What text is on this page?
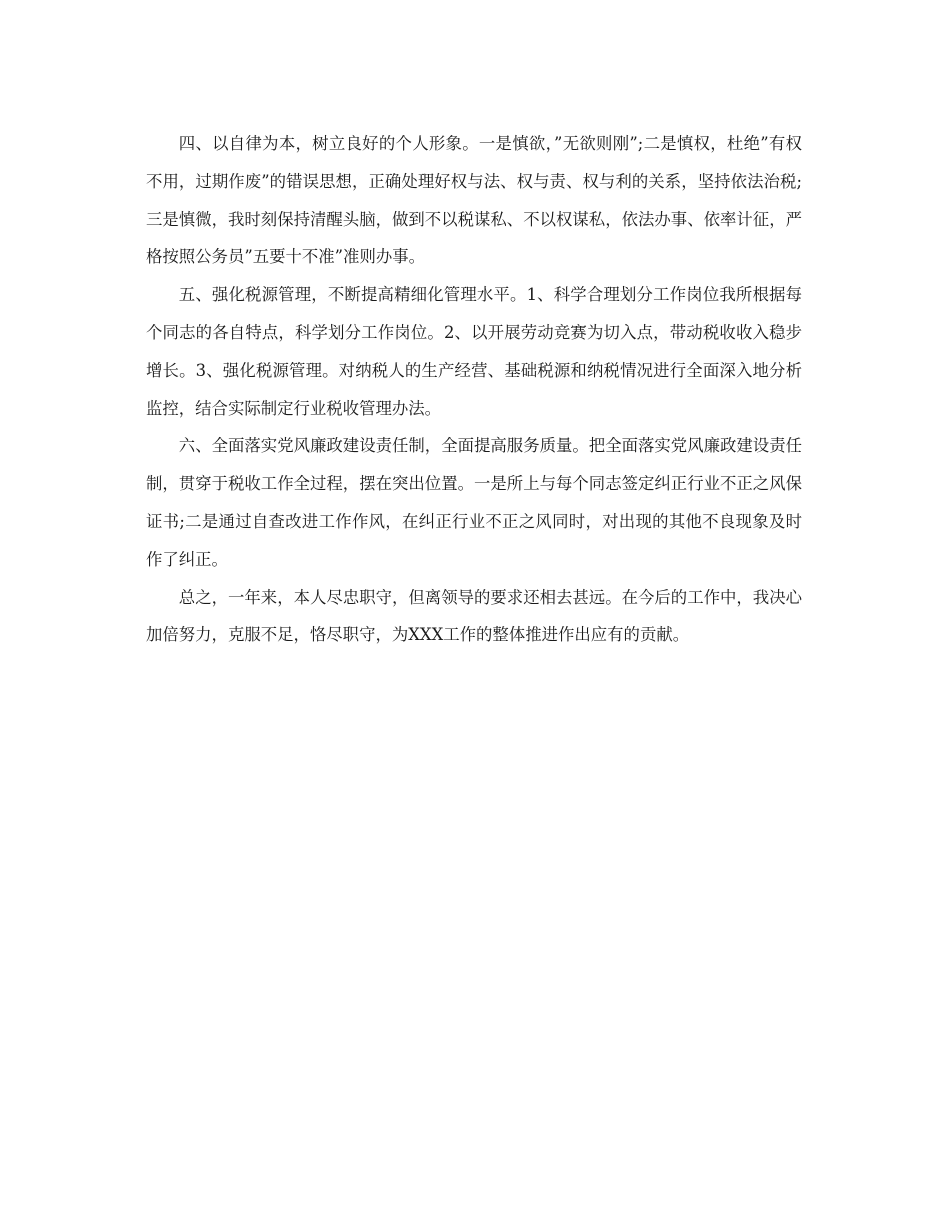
四、以自律为本，树立良好的个人形象。一是慎欲，”无欲则刚”;二是慎权，杜绝”有权不用，过期作废”的错误思想，正确处理好权与法、权与责、权与利的关系，坚持依法治税;三是慎微，我时刻保持清醒头脑，做到不以税谋私、不以权谋私，依法办事、依率计征，严格按照公务员”五要十不准”准则办事。

五、强化税源管理，不断提高精细化管理水平。1、科学合理划分工作岗位我所根据每个同志的各自特点，科学划分工作岗位。2、以开展劳动竞赛为切入点，带动税收收入稳步增长。3、强化税源管理。对纳税人的生产经营、基础税源和纳税情况进行全面深入地分析监控，结合实际制定行业税收管理办法。

六、全面落实党风廉政建设责任制，全面提高服务质量。把全面落实党风廉政建设责任制，贯穿于税收工作全过程，摆在突出位置。一是所上与每个同志签定纠正行业不正之风保证书;二是通过自查改进工作作风，在纠正行业不正之风同时，对出现的其他不良现象及时作了纠正。

总之，一年来，本人尽忠职守，但离领导的要求还相去甚远。在今后的工作中，我决心加倍努力，克服不足，恪尽职守，为XXX工作的整体推进作出应有的贡献。
